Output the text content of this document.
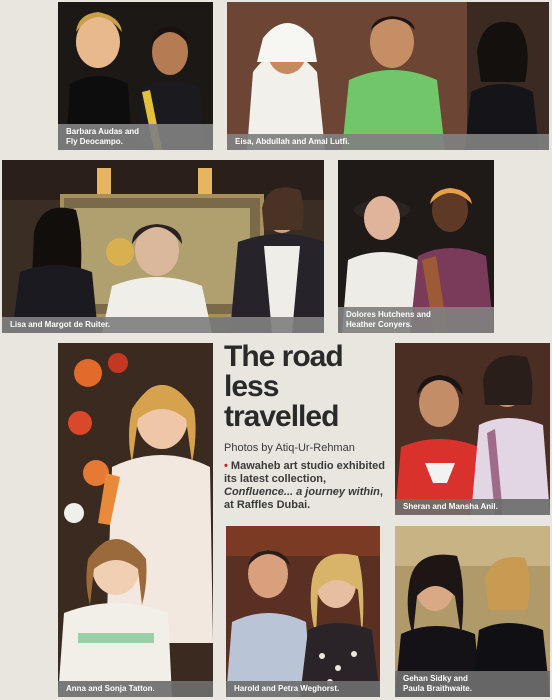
Barbara Audas and
Fly Deocampo.	Eisa, Abdullah and Amal Lutfi.
Lisa and Margot de Ruiter.
Dolores Hutchens and
Heather Conyers.
Anna and Sonja Tatton.
The road
less travelled
Photos by Atiq-Ur-Rehman
• Mawaheb art studio exhibited its latest collection, Confluence... a journey within, at Raffles Dubai.
Harold and Petra Weghorst.
Sheran and Mansha Anil.
Gehan Sidky and
Paula Braithwaite.
